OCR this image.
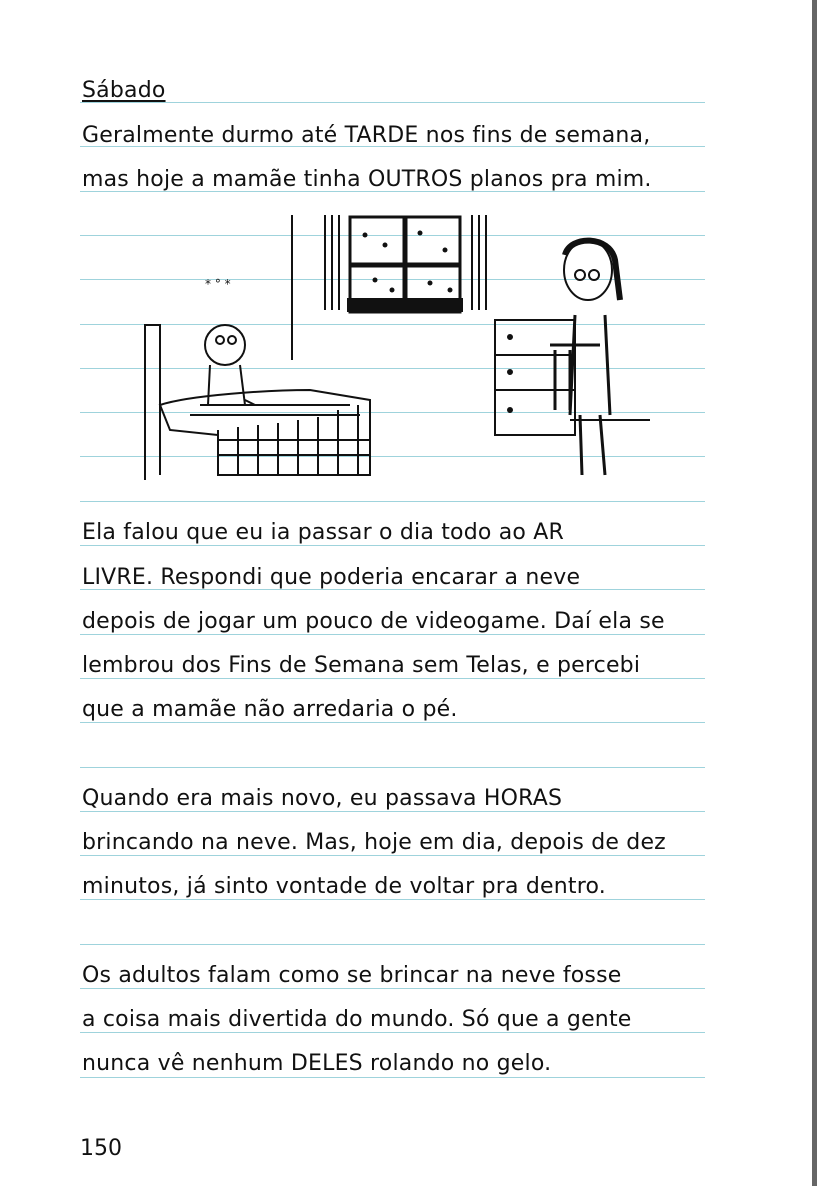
Sábado
Geralmente durmo até TARDE nos fins de semana,
mas hoje a mamãe tinha OUTROS planos pra mim.
* ° *
Ela falou que eu ia passar o dia todo ao AR
LIVRE. Respondi que poderia encarar a neve
depois de jogar um pouco de videogame. Daí ela se
lembrou dos Fins de Semana sem Telas, e percebi
que a mamãe não arredaria o pé.
Quando era mais novo, eu passava HORAS
brincando na neve. Mas, hoje em dia, depois de dez
minutos, já sinto vontade de voltar pra dentro.
Os adultos falam como se brincar na neve fosse
a coisa mais divertida do mundo. Só que a gente
nunca vê nenhum DELES rolando no gelo.
150
